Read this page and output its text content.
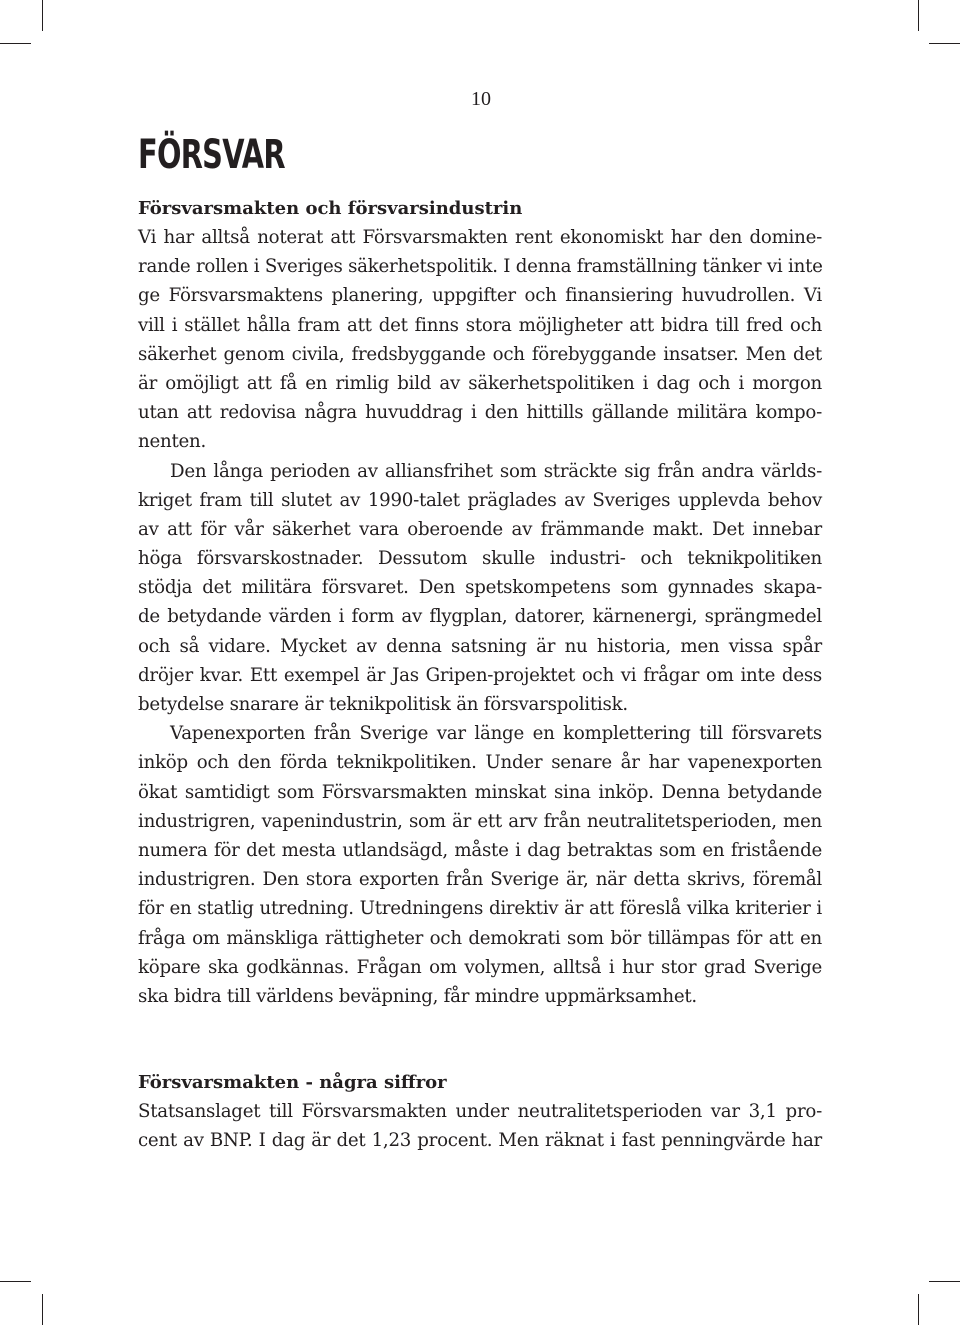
10
FÖRSVAR
Försvarsmakten och försvarsindustrin
Vi har alltså noterat att Försvarsmakten rent ekonomiskt har den domine-
rande rollen i Sveriges säkerhetspolitik. I denna framställning tänker vi inte
ge Försvarsmaktens planering, uppgifter och finansiering huvudrollen. Vi
vill i stället hålla fram att det finns stora möjligheter att bidra till fred och
säkerhet genom civila, fredsbyggande och förebyggande insatser. Men det
är omöjligt att få en rimlig bild av säkerhetspolitiken i dag och i morgon
utan att redovisa några huvuddrag i den hittills gällande militära kompo-
nenten.
Den långa perioden av alliansfrihet som sträckte sig från andra världs-
kriget fram till slutet av 1990-talet präglades av Sveriges upplevda behov
av att för vår säkerhet vara oberoende av främmande makt. Det innebar
höga försvarskostnader. Dessutom skulle industri- och teknikpolitiken
stödja det militära försvaret. Den spetskompetens som gynnades skapa-
de betydande värden i form av flygplan, datorer, kärnenergi, sprängmedel
och så vidare. Mycket av denna satsning är nu historia, men vissa spår
dröjer kvar. Ett exempel är Jas Gripen-projektet och vi frågar om inte dess
betydelse snarare är teknikpolitisk än försvarspolitisk.
Vapenexporten från Sverige var länge en komplettering till försvarets
inköp och den förda teknikpolitiken. Under senare år har vapenexporten
ökat samtidigt som Försvarsmakten minskat sina inköp. Denna betydande
industrigren, vapenindustrin, som är ett arv från neutralitetsperioden, men
numera för det mesta utlandsägd, måste i dag betraktas som en fristående
industrigren. Den stora exporten från Sverige är, när detta skrivs, föremål
för en statlig utredning. Utredningens direktiv är att föreslå vilka kriterier i
fråga om mänskliga rättigheter och demokrati som bör tillämpas för att en
köpare ska godkännas. Frågan om volymen, alltså i hur stor grad Sverige
ska bidra till världens beväpning, får mindre uppmärksamhet.
Försvarsmakten - några siffror
Statsanslaget till Försvarsmakten under neutralitetsperioden var 3,1 pro-
cent av BNP. I dag är det 1,23 procent. Men räknat i fast penningvärde har
